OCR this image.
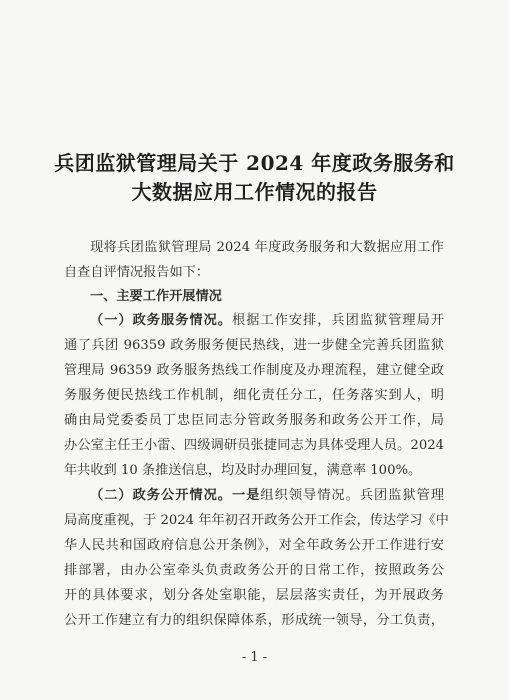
兵团监狱管理局关于 2024 年度政务服务和
大数据应用工作情况的报告
现将兵团监狱管理局 2024 年度政务服务和大数据应用工作
自查自评情况报告如下：
一、主要工作开展情况
（一）政务服务情况。根据工作安排，兵团监狱管理局开
通了兵团 96359 政务服务便民热线，进一步健全完善兵团监狱
管理局 96359 政务服务热线工作制度及办理流程，建立健全政
务服务便民热线工作机制，细化责任分工，任务落实到人，明
确由局党委委员丁忠臣同志分管政务服务和政务公开工作，局
办公室主任王小雷、四级调研员张捷同志为具体受理人员。2024
年共收到 10 条推送信息，均及时办理回复，满意率 100%。
（二）政务公开情况。一是组织领导情况。兵团监狱管理
局高度重视，于 2024 年年初召开政务公开工作会，传达学习《中
华人民共和国政府信息公开条例》，对全年政务公开工作进行安
排部署，由办公室牵头负责政务公开的日常工作，按照政务公
开的具体要求，划分各处室职能，层层落实责任，为开展政务
公开工作建立有力的组织保障体系，形成统一领导，分工负责，
- 1 -
